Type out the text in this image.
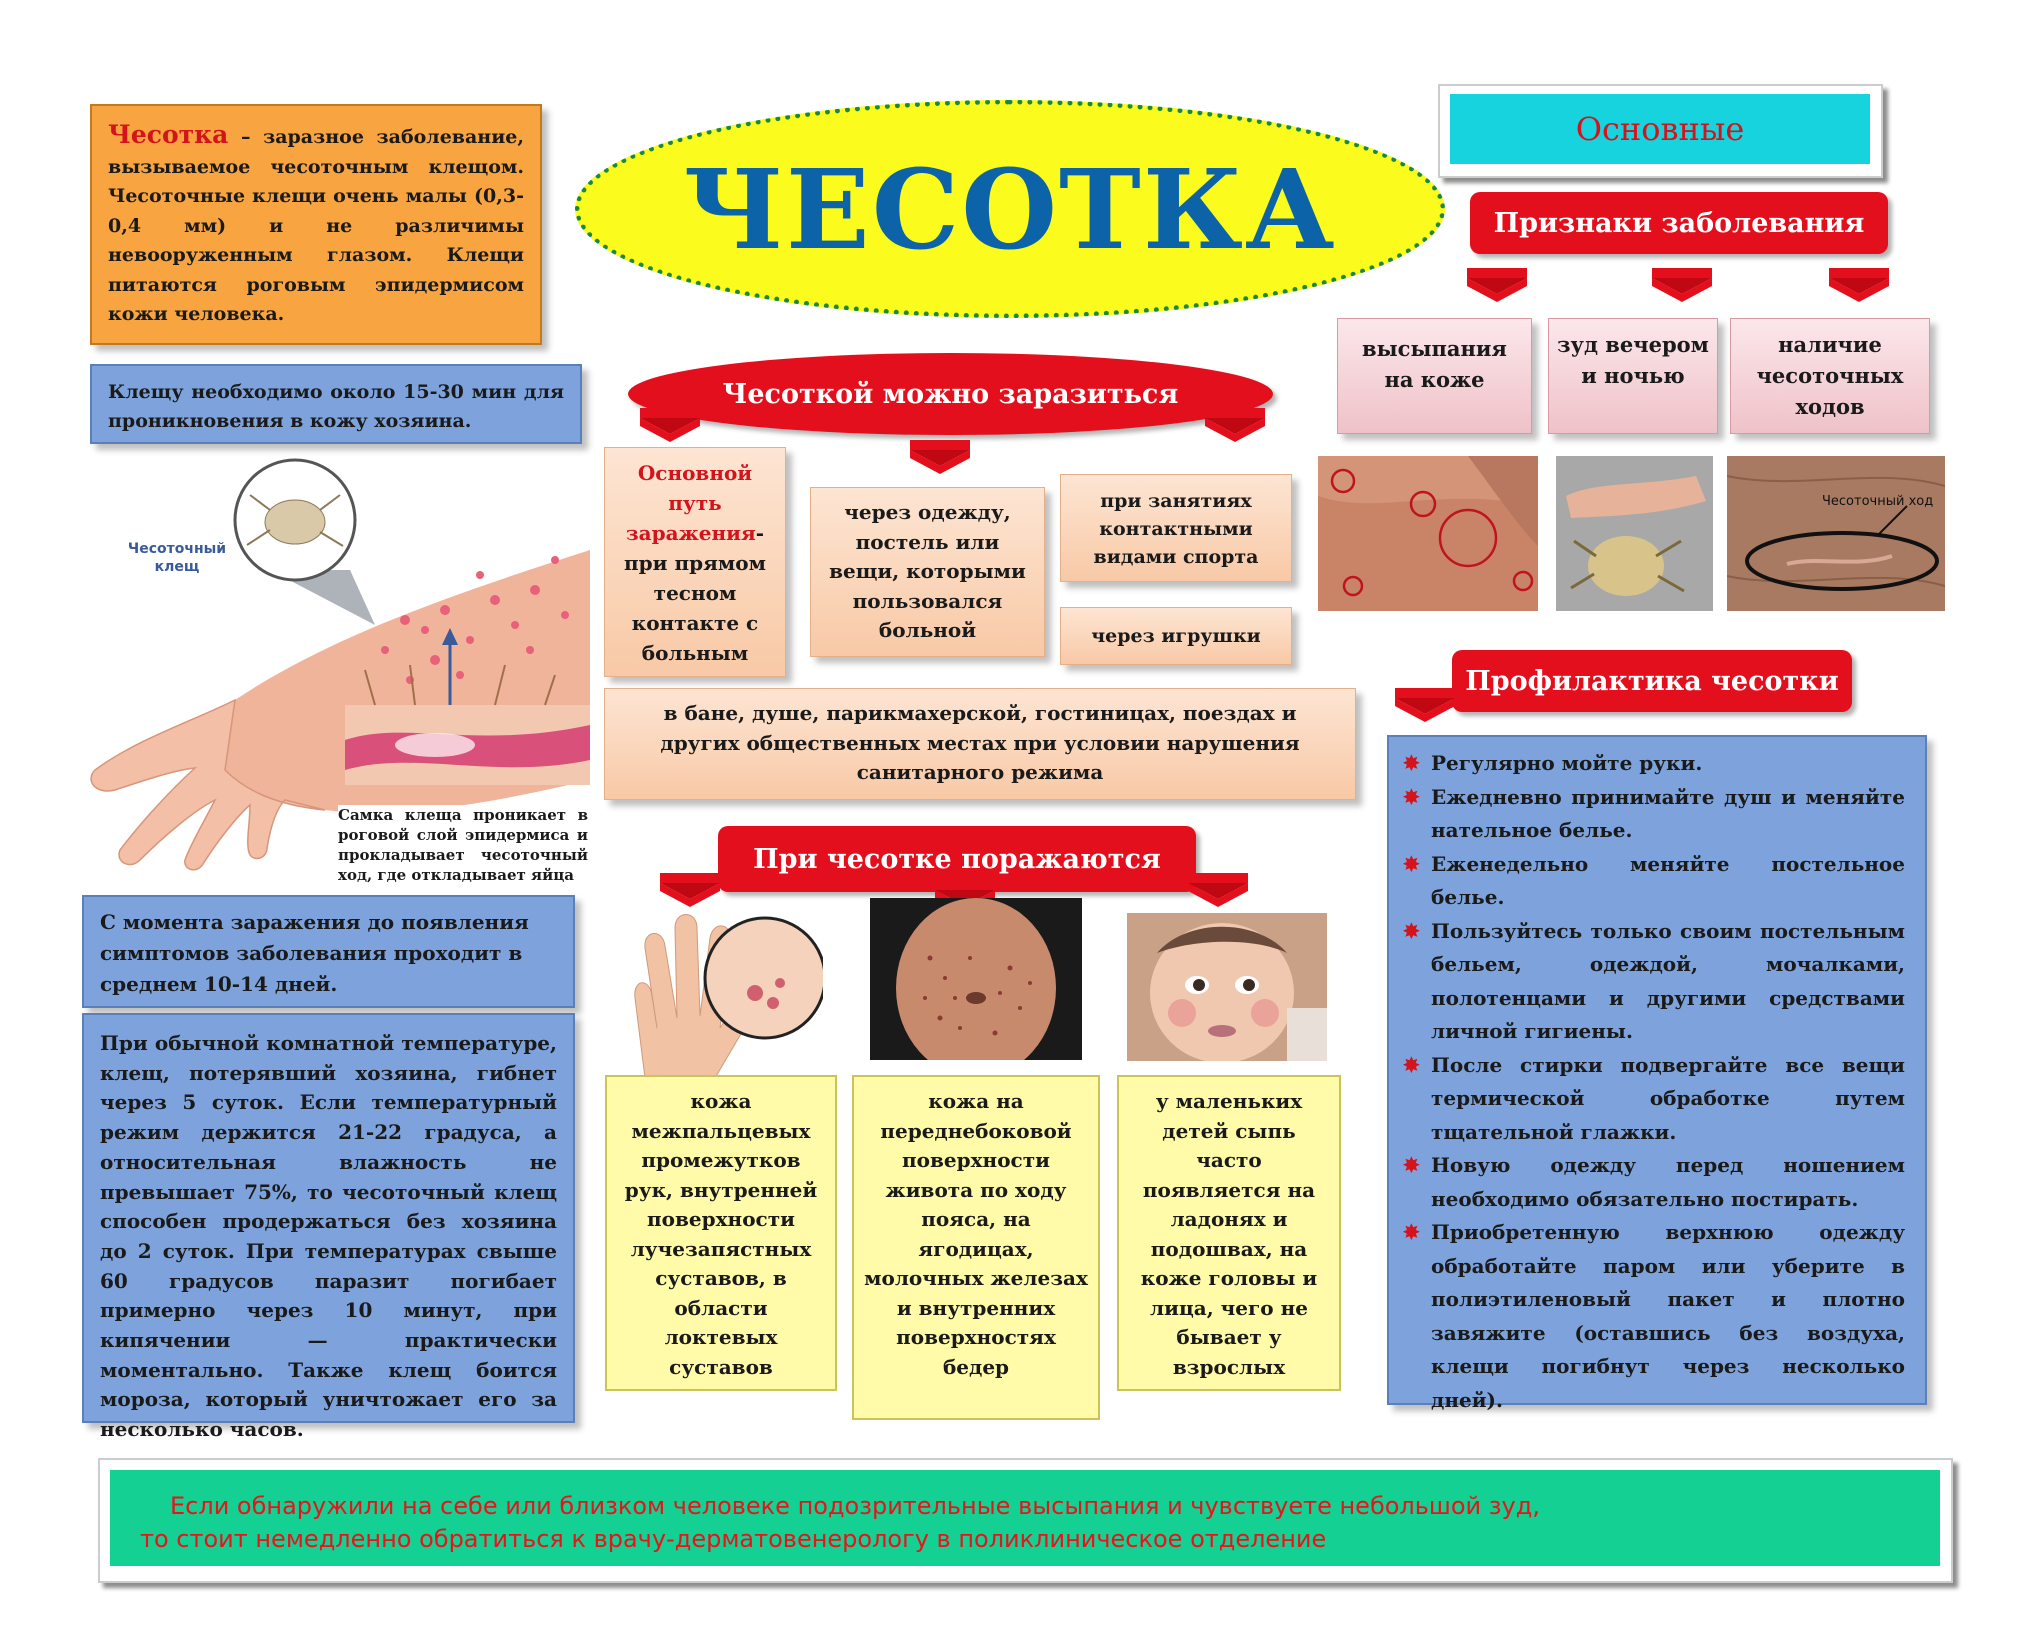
Чесотка – заразное заболевание, вызываемое чесоточным клещом. Чесоточные клещи очень малы (0,3-0,4 мм) и не различимы невооруженным глазом. Клещи питаются роговым эпидермисом кожи человека.
Клещу необходимо около 15-30 мин для проникновения в кожу хозяина.
Чесоточный клещ
Самка клеща проникает в роговой слой эпидермиса и прокладывает чесоточный ход, где откладывает яйца
С момента заражения до появления симптомов заболевания проходит в среднем 10-14 дней.
При обычной комнатной температуре, клещ, потерявший хозяина, гибнет через 5 суток. Если температурный режим держится 21-22 градуса, а относительная влажность не превышает 75%, то чесоточный клещ способен продержаться без хозяина до 2 суток. При температурах свыше 60 градусов паразит погибает примерно через 10 минут, при кипячении — практически моментально. Также клещ боится мороза, который уничтожает его за несколько часов.
ЧЕСОТКА
Чесоткой можно заразиться
Основной путь заражения- при прямом тесном контакте с больным
через одежду, постель или вещи, которыми пользовался больной
при занятиях контактными видами спорта
через игрушки
в бане, душе, парикмахерской, гостиницах, поездах и других общественных местах при условии нарушения санитарного режима
При чесотке поражаются
кожа межпальцевых промежутков рук, внутренней поверхности лучезапястных суставов, в области локтевых суставов
кожа на переднебоковой поверхности живота по ходу пояса, на ягодицах, молочных железах и внутренних поверхностях бедер
у маленьких детей сыпь часто появляется на ладонях и подошвах, на коже головы и лица, чего не бывает у взрослых
Основные
Признаки заболевания
высыпания на коже
зуд вечером и ночью
наличие чесоточных ходов
Чесоточный ход
Профилактика чесотки
✸ Регулярно мойте руки.
✸ Ежедневно принимайте душ и меняйте нательное белье.
✸ Еженедельно меняйте постельное белье.
✸ Пользуйтесь только своим постельным бельем, одеждой, мочалками, полотенцами и другими средствами личной гигиены.
✸ После стирки подвергайте все вещи термической обработке путем тщательной глажки.
✸ Новую одежду перед ношением необходимо обязательно постирать.
✸ Приобретенную верхнюю одежду обработайте паром или уберите в полиэтиленовый пакет и плотно завяжите (оставшись без воздуха, клещи погибнут через несколько дней).
Если обнаружили на себе или близком человеке подозрительные высыпания и чувствуете небольшой зуд,
то стоит немедленно обратиться к врачу-дерматовенерологу в поликлиническое отделение
